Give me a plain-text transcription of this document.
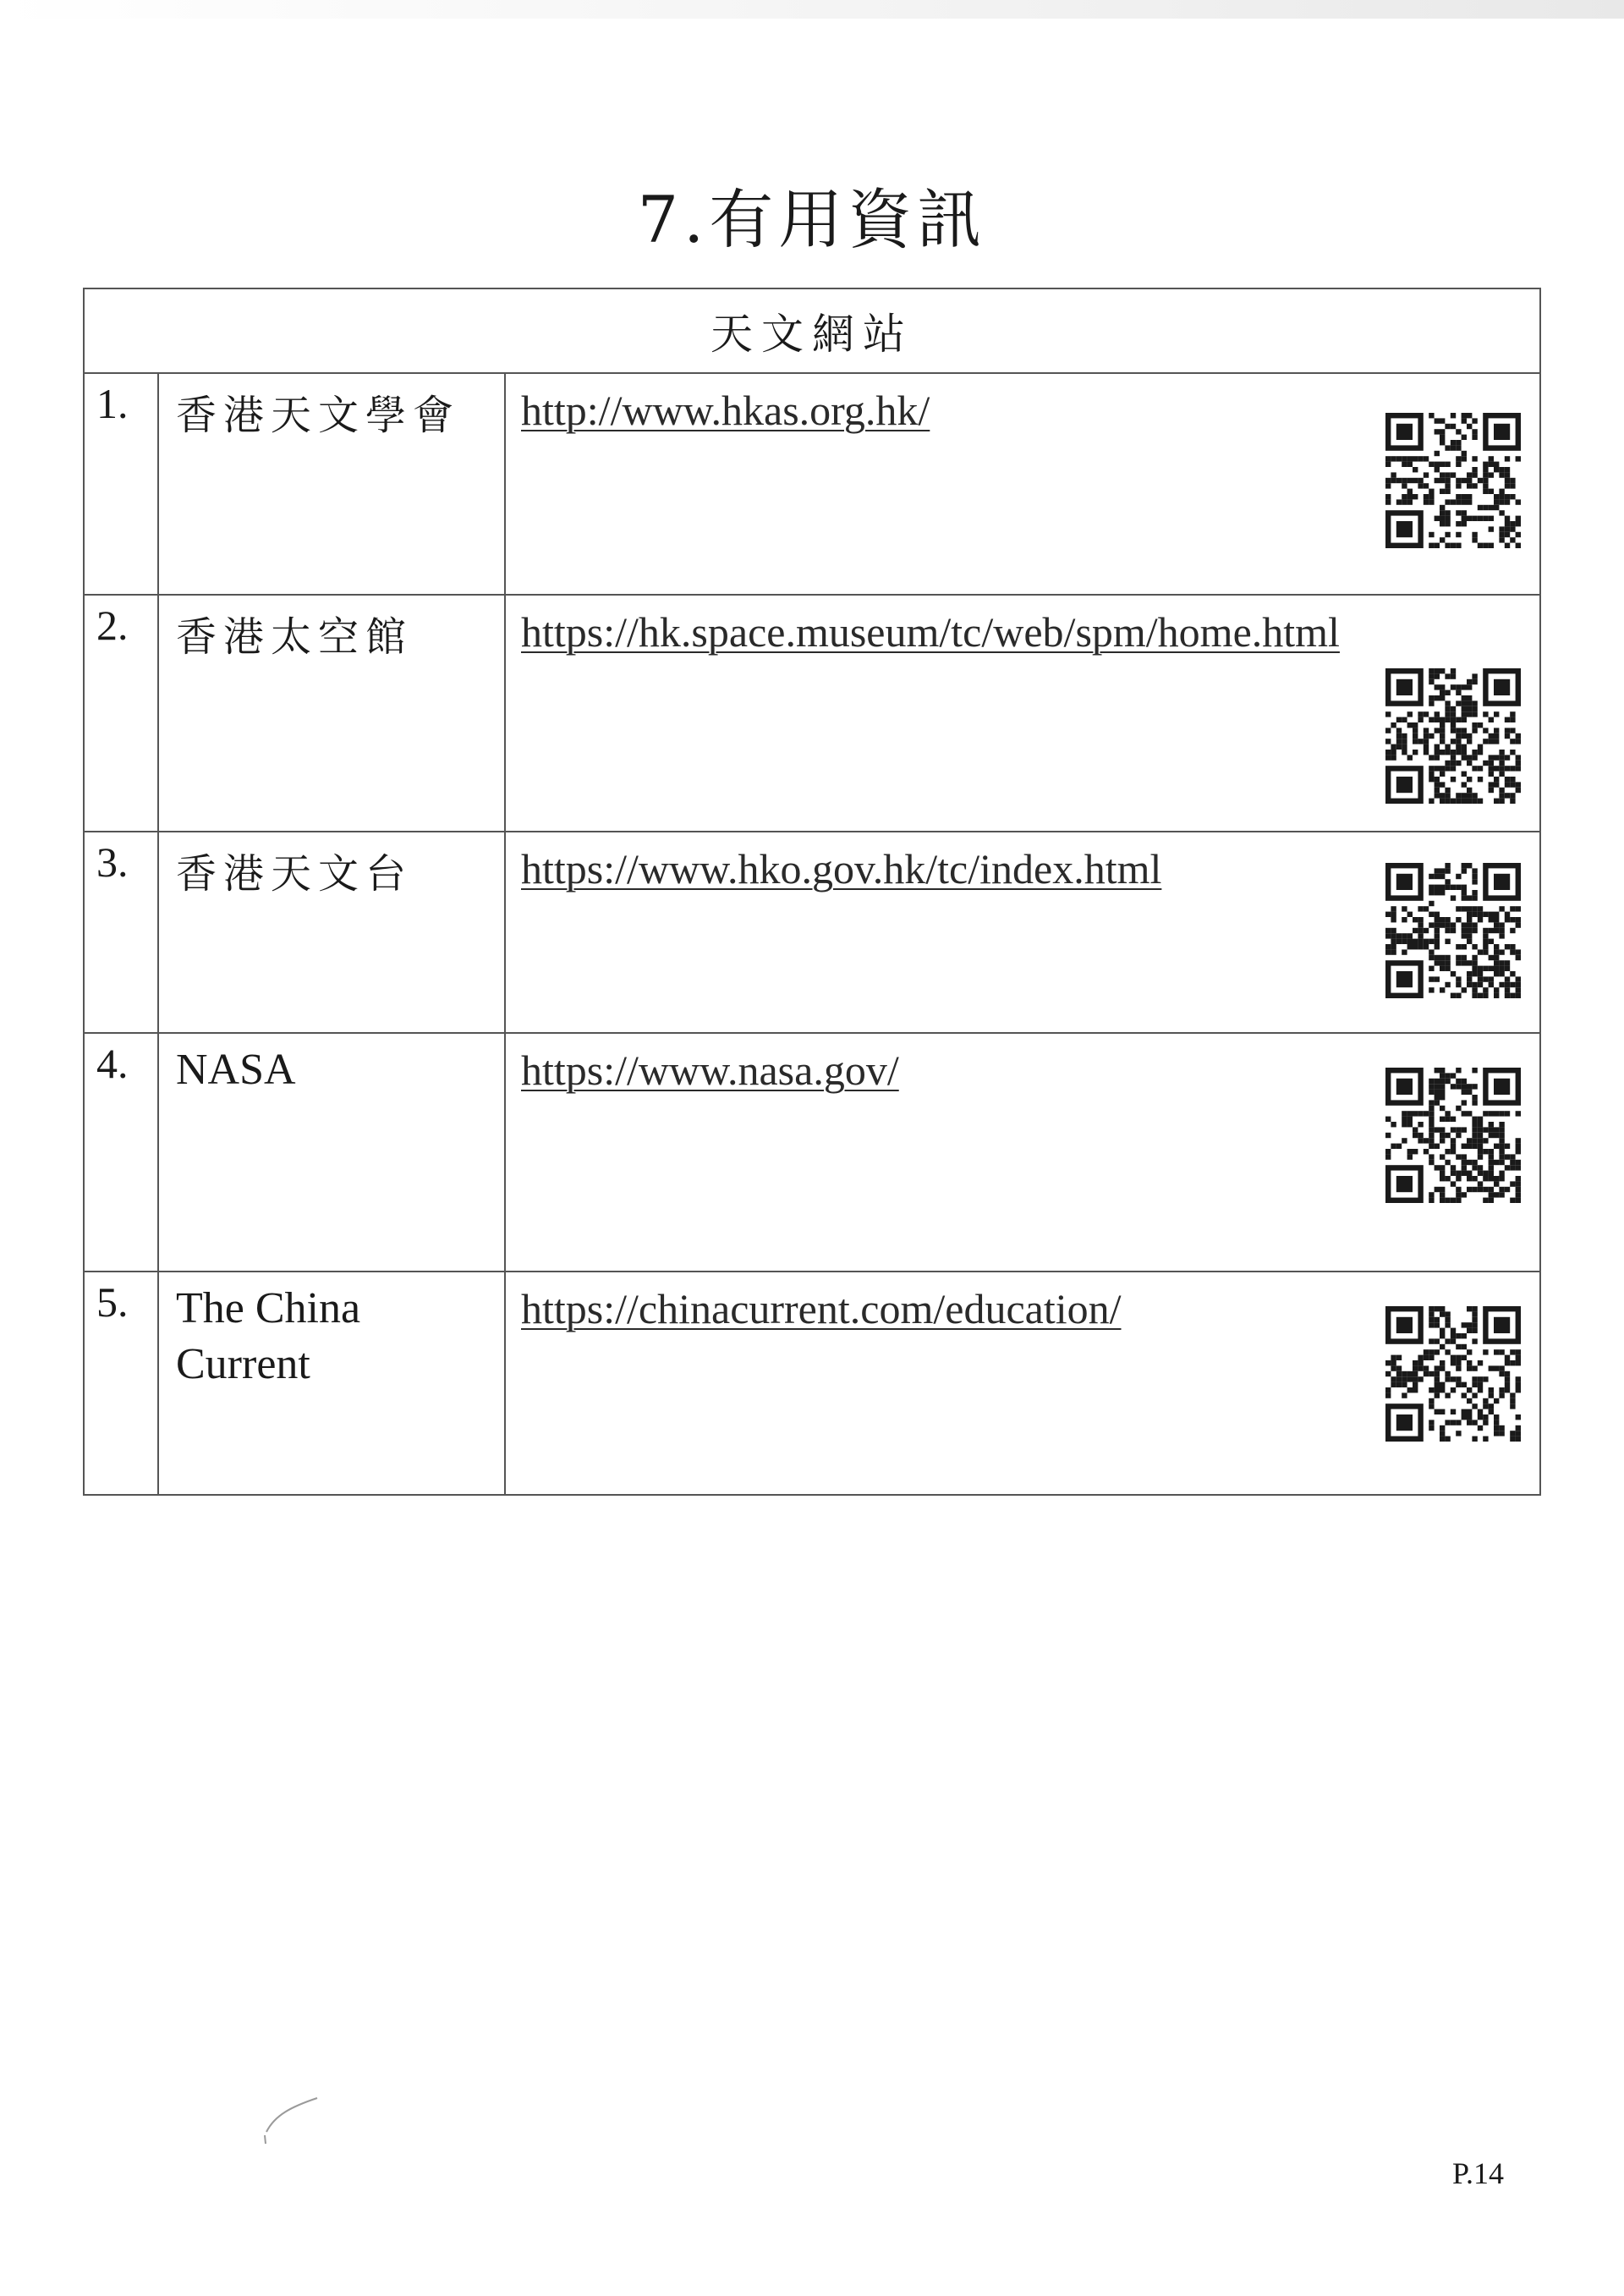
7.有用資訊
天文網站		
1.	香港天文學會	http://www.hkas.org.hk/

2.	香港太空館	https://hk.space.museum/tc/web/spm/home.html

3.	香港天文台	https://www.hko.gov.hk/tc/index.html
4.	NASA	https://www.nasa.gov/

5.	The China Current	https://chinacurrent.com/education/
P.14
